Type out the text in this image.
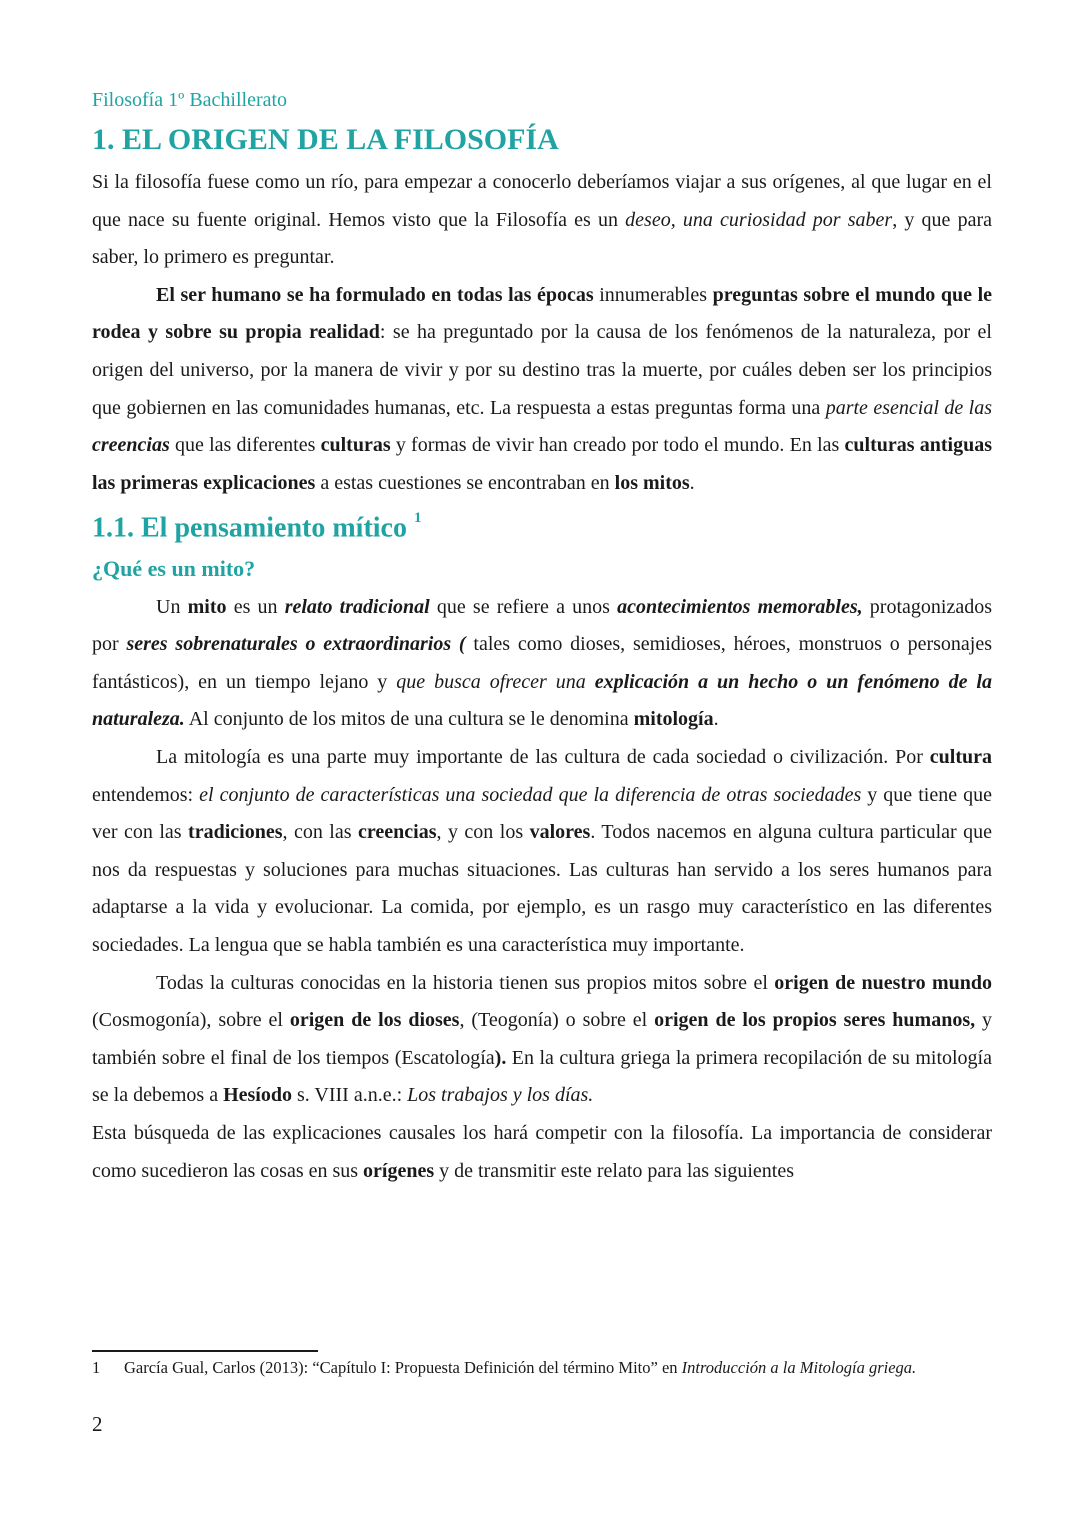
Filosofía 1º Bachillerato
1. EL ORIGEN DE LA FILOSOFÍA

Si la filosofía fuese como un río, para empezar a conocerlo deberíamos viajar a sus orígenes, al que lugar en el que nace su fuente original. Hemos visto que la Filosofía es un deseo, una curiosidad por saber, y que para saber, lo primero es preguntar.

El ser humano se ha formulado en todas las épocas innumerables preguntas sobre el mundo que le rodea y sobre su propia realidad: se ha preguntado por la causa de los fenómenos de la naturaleza, por el origen del universo, por la manera de vivir y por su destino tras la muerte, por cuáles deben ser los principios que gobiernen en las comunidades humanas, etc. La respuesta a estas preguntas forma una parte esencial de las creencias que las diferentes culturas y formas de vivir han creado por todo el mundo. En las culturas antiguas las primeras explicaciones a estas cuestiones se encontraban en los mitos.

1.1. El pensamiento mítico $^1$
¿Qué es un mito?

Un mito es un relato tradicional que se refiere a unos acontecimientos memorables, protagonizados por seres sobrenaturales o extraordinarios ( tales como dioses, semidioses, héroes, monstruos o personajes fantásticos), en un tiempo lejano y que busca ofrecer una explicación a un hecho o un fenómeno de la naturaleza. Al conjunto de los mitos de una cultura se le denomina mitología.

La mitología es una parte muy importante de las cultura de cada sociedad o civilización. Por cultura entendemos: el conjunto de características una sociedad que la diferencia de otras sociedades y que tiene que ver con las tradiciones, con las creencias, y con los valores. Todos nacemos en alguna cultura particular que nos da respuestas y soluciones para muchas situaciones. Las culturas han servido a los seres humanos para adaptarse a la vida y evolucionar. La comida, por ejemplo, es un rasgo muy característico en las diferentes sociedades. La lengua que se habla también es una característica muy importante.

Todas la culturas conocidas en la historia tienen sus propios mitos sobre el origen de nuestro mundo (Cosmogonía), sobre el origen de los dioses, (Teogonía) o sobre el origen de los propios seres humanos, y también sobre el final de los tiempos (Escatología). En la cultura griega la primera recopilación de su mitología se la debemos a Hesíodo s. VIII a.n.e.: Los trabajos y los días.

Esta búsqueda de las explicaciones causales los hará competir con la filosofía. La importancia de considerar como sucedieron las cosas en sus orígenes y de transmitir este relato para las siguientes

1	García Gual, Carlos (2013): “Capítulo I: Propuesta Definición del término Mito” en Introducción a la Mitología griega.
2
